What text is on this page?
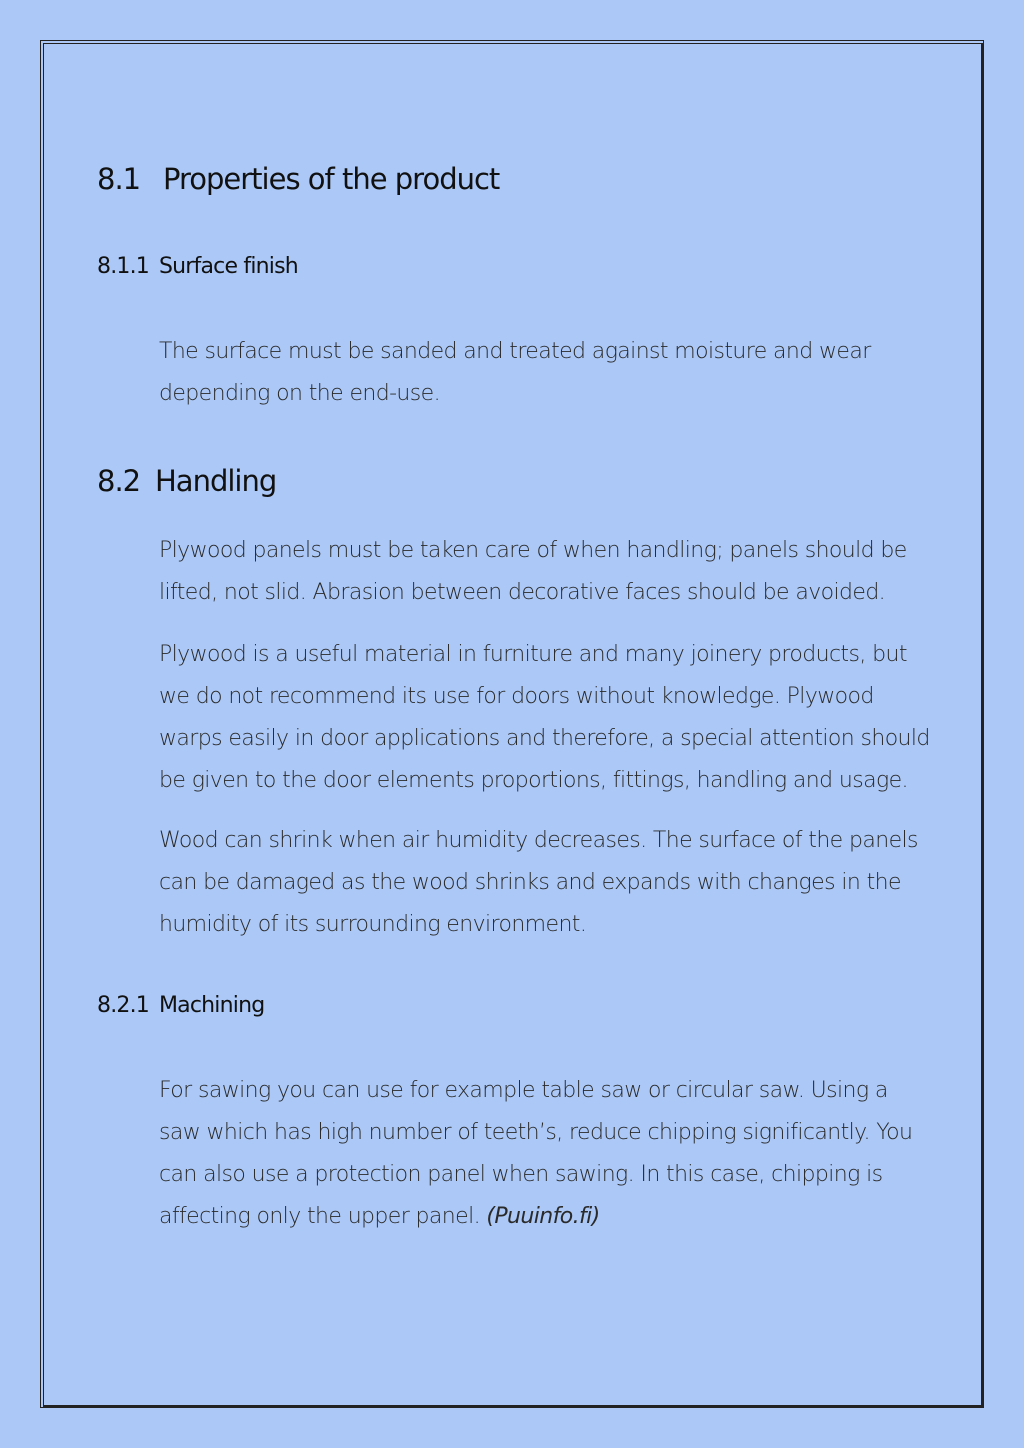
8.1 Properties of the product
8.1.1 Surface finish

The surface must be sanded and treated against moisture and wear depending on the end-use.

8.2 Handling

Plywood panels must be taken care of when handling; panels should be lifted, not slid. Abrasion between decorative faces should be avoided.

Plywood is a useful material in furniture and many joinery products, but we do not recommend its use for doors without knowledge. Plywood warps easily in door applications and therefore, a special attention should be given to the door elements proportions, fittings, handling and usage.

Wood can shrink when air humidity decreases. The surface of the panels can be damaged as the wood shrinks and expands with changes in the humidity of its surrounding environment.

8.2.1 Machining

For sawing you can use for example table saw or circular saw. Using a saw which has high number of teeth’s, reduce chipping significantly. You can also use a protection panel when sawing. In this case, chipping is affecting only the upper panel. (Puuinfo.fi)
